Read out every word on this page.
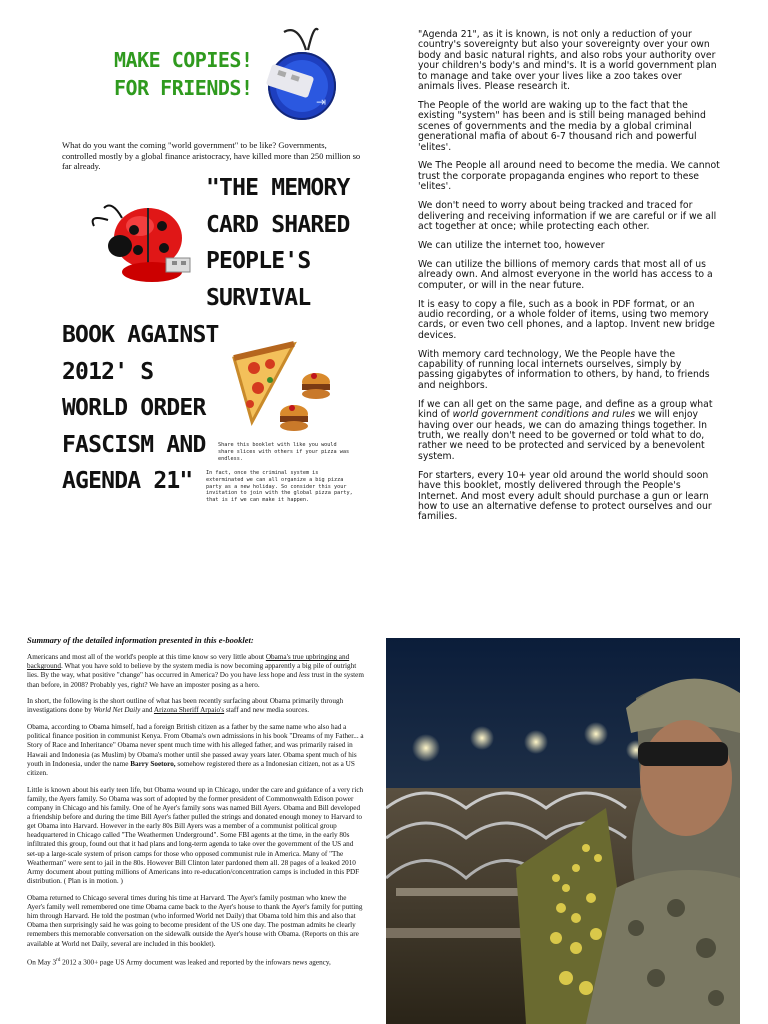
MAKE COPIES!
FOR FRIENDS!
⇥
What do you want the coming "world government" to be like? Governments, controlled mostly by a global finance aristocracy, have killed more than 250 million so far already.
"THE MEMORY
CARD SHARED
PEOPLE'S
SURVIVAL
BOOK AGAINST
2012' S
WORLD ORDER
FASCISM AND
AGENDA 21"
Share this booklet with like you would share slices with others if your pizza was endless.
In fact, once the criminal system is exterminated we can all organize a big pizza party as a new holiday. So consider this your invitation to join with the global pizza party, that is if we can make it happen.

"Agenda 21", as it is known, is not only a reduction of your country's sovereignty but also your sovereignty over your own body and basic natural rights, and also robs your authority over your children's body's and mind's. It is a world government plan to manage and take over your lives like a zoo takes over animals lives. Please research it.

The People of the world are waking up to the fact that the existing "system" has been and is still being managed behind scenes of governments and the media by a global criminal generational mafia of about 6-7 thousand rich and powerful 'elites'.

We The People all around need to become the media. We cannot trust the corporate propaganda engines who report to these 'elites'.

We don't need to worry about being tracked and traced for delivering and receiving information if we are careful or if we all act together at once; while protecting each other.

We can utilize the internet too, however

We can utilize the billions of memory cards that most all of us already own. And almost everyone in the world has access to a computer, or will in the near future.

It is easy to copy a file, such as a book in PDF format, or an audio recording, or a whole folder of items, using two memory cards, or even two cell phones, and a laptop. Invent new bridge devices.

With memory card technology, We the People have the capability of running local internets ourselves, simply by passing gigabytes of information to others, by hand, to friends and neighbors.

If we can all get on the same page, and define as a group what kind of world government conditions and rules we will enjoy having over our heads, we can do amazing things together. In truth, we really don't need to be governed or told what to do, rather we need to be protected and serviced by a benevolent system.

For starters, every 10+ year old around the world should soon have this booklet, mostly delivered through the People's Internet. And most every adult should purchase a gun or learn how to use an alternative defense to protect ourselves and our families.

Summary of the detailed information presented in this e-booklet:

Americans and most all of the world's people at this time know so very little about Obama's true upbringing and background. What you have sold to believe by the system media is now becoming apparently a big pile of outright lies. By the way, what positive "change" has occurred in America? Do you have less hope and less trust in the system than before, in 2008? Probably yes, right? We have an imposter posing as a hero.

In short, the following is the short outline of what has been recently surfacing about Obama primarily through investigations done by World Net Daily and Arizona Sheriff Arpaio's staff and new media sources.

Obama, according to Obama himself, had a foreign British citizen as a father by the same name who also had a political finance position in communist Kenya. From Obama's own admissions in his book "Dreams of my Father... a Story of Race and Inheritance" Obama never spent much time with his alleged father, and was primarily raised in Hawaii and Indonesia (as Muslim) by Obama's mother until she passed away years later. Obama spent much of his youth in Indonesia, under the name Barry Soetoro, somehow registered there as a Indonesian citizen, not as a US citizen.

Little is known about his early teen life, but Obama wound up in Chicago, under the care and guidance of a very rich family, the Ayers family. So Obama was sort of adopted by the former president of Commonwealth Edison power company in Chicago and his family. One of he Ayer's family sons was named Bill Ayers. Obama and Bill developed a friendship before and during the time Bill Ayer's father pulled the strings and donated enough money to Harvard to get Obama into Harvard. However in the early 80s Bill Ayers was a member of a communist political group headquartered in Chicago called "The Weathermen Underground". Some FBI agents at the time, in the early 80s infiltrated this group, found out that it had plans and long-term agenda to take over the government of the US and set-up a large-scale system of prison camps for those who opposed communist rule in America. Many of "The Weatherman" were sent to jail in the 80s. However Bill Clinton later pardoned them all. 28 pages of a leaked 2010 Army document about putting millions of Americans into re-education/concentration camps is included in this PDF distribution. ( Plan is in motion. )

Obama returned to Chicago several times during his time at Harvard. The Ayer's family postman who knew the Ayer's family well remembered one time Obama came back to the Ayer's house to thank the Ayer's family for putting him through Harvard. He told the postman (who informed World net Daily) that Obama told him this and also that Obama then surprisingly said he was going to become president of the US one day. The postman admits he clearly remembers this memorable conversation on the sidewalk outside the Ayer's house with Obama. (Reports on this are available at World net Daily, several are included in this booklet).

On May 3rd 2012 a 300+ page US Army document was leaked and reported by the infowars news agency,
